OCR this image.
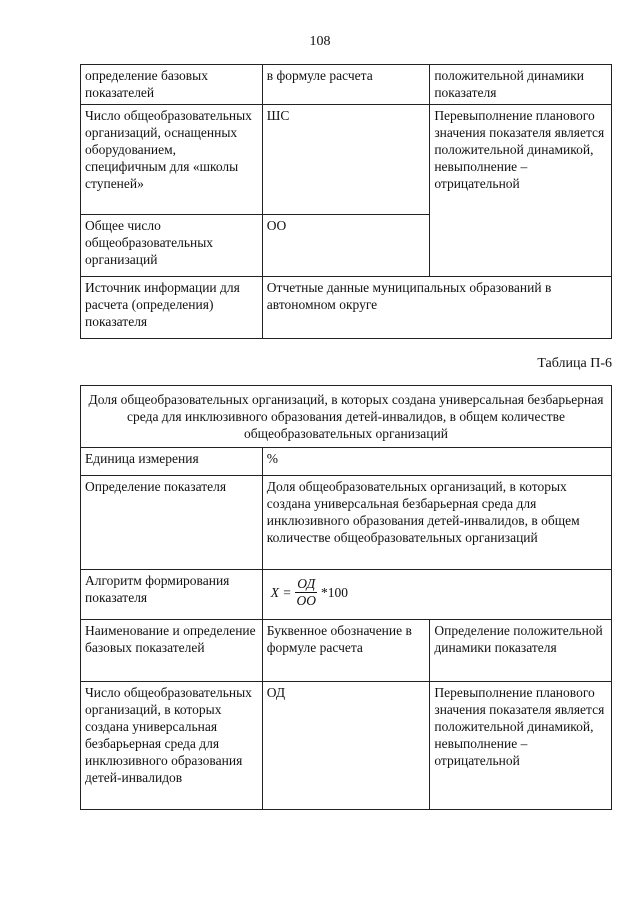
108
определение базовых показателей	в формуле расчета	положительной динамики показателя
Число общеобразовательных организаций, оснащенных оборудованием, специфичным для «школы ступеней»	ШС	Перевыполнение планового значения показателя является положительной динамикой, невыполнение – отрицательной
Общее число общеобразовательных организаций	ОО	
Источник информации для расчета (определения) показателя	Отчетные данные муниципальных образований в автономном округе	
Таблица П-6
Доля общеобразовательных организаций, в которых создана универсальная безбарьерная среда для инклюзивного образования детей-инвалидов, в общем количестве общеобразовательных организаций		
Единица измерения	%	
Определение показателя	Доля общеобразовательных организаций, в которых создана универсальная безбарьерная среда для инклюзивного образования детей-инвалидов, в общем количестве общеобразовательных организаций	
Алгоритм формирования показателя	$X = \frac{ОД}{ОО} *100$	

Наименование и определение базовых показателей	Буквенное обозначение в формуле расчета	Определение положительной динамики показателя
Число общеобразовательных организаций, в которых создана универсальная безбарьерная среда для инклюзивного образования детей-инвалидов	ОД	Перевыполнение планового значения показателя является положительной динамикой, невыполнение – отрицательной
